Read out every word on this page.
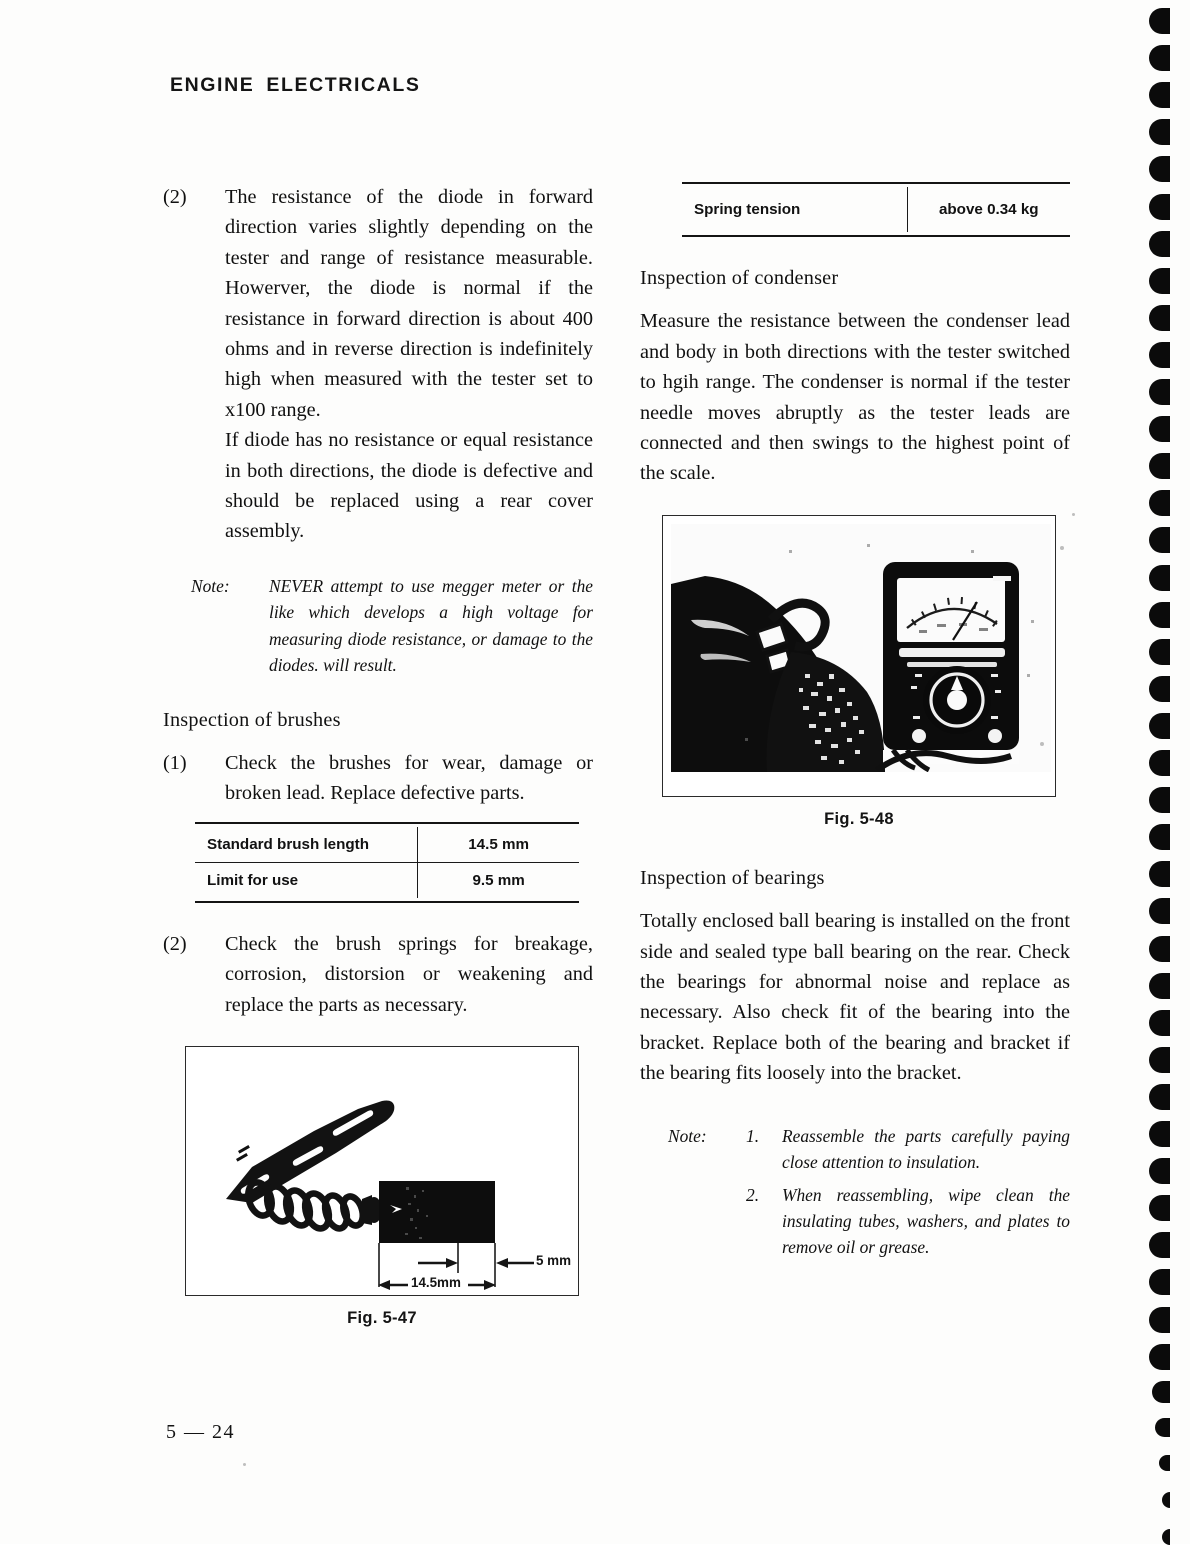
ENGINE ELECTRICALS
(2) The resistance of the diode in forward direction varies slightly depending on the tester and range of resistance measurable. Howerver, the diode is normal if the resistance in forward direction is about 400 ohms and in reverse direction is indefinitely high when measured with the tester set to x100 range.

If diode has no resistance or equal resistance in both directions, the diode is defective and should be replaced using a rear cover assembly.

Note:	NEVER attempt to use megger meter or the like which develops a high voltage for measuring diode resistance, or damage to the diodes. will result.
Inspection of brushes
(1) Check the brushes for wear, damage or broken lead. Replace defective parts.

Standard brush length	14.5 mm
Limit for use	9.5 mm
(2) Check the brush springs for breakage, corrosion, distorsion or weakening and replace the parts as necessary.

5 mm
14.5mm
Fig. 5-47
Spring tension	above 0.34 kg
Inspection of condenser

Measure the resistance between the condenser lead and body in both directions with the tester switched to hgih range. The condenser is normal if the tester needle moves abruptly as the tester leads are connected and then swings to the highest point of the scale.

Fig. 5-48
Inspection of bearings

Totally enclosed ball bearing is installed on the front side and sealed type ball bearing on the rear. Check the bearings for abnormal noise and replace as necessary. Also check fit of the bearing into the bracket. Replace both of the bearing and bracket if the bearing fits loosely into the bracket.

Note:	1.	Reassemble the parts carefully paying close attention to insulation.
2.	When reassembling, wipe clean the insulating tubes, washers, and plates to remove oil or grease.
5 — 24
